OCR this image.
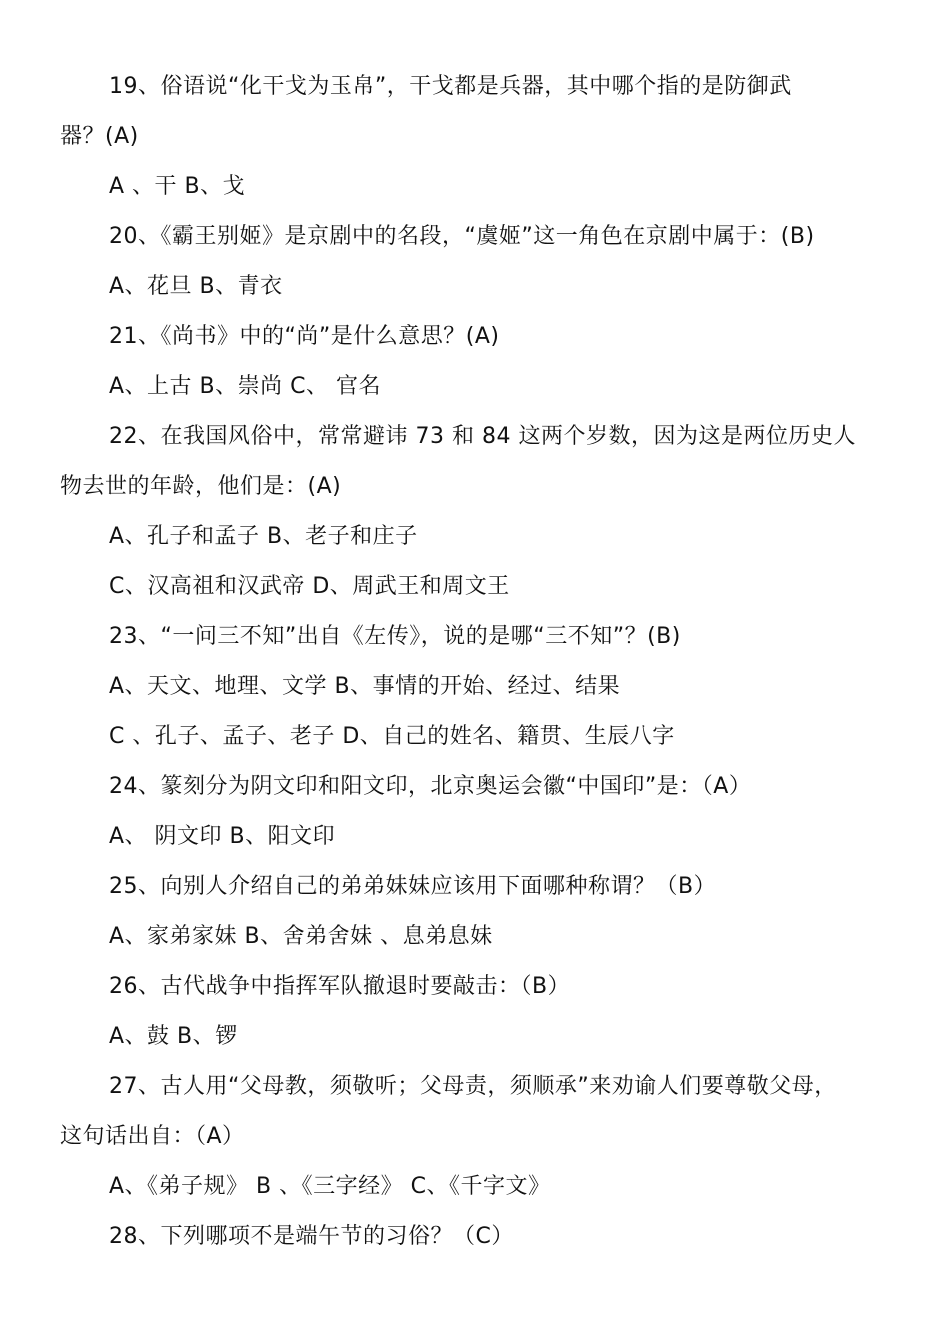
19、俗语说“化干戈为玉帛”，干戈都是兵器，其中哪个指的是防御武
器？(A)
A 、干 B、戈
20、《霸王别姬》是京剧中的名段，“虞姬”这一角色在京剧中属于：(B)
A、花旦 B、青衣
21、《尚书》中的“尚”是什么意思？(A)
A、上古 B、崇尚 C、 官名
22、在我国风俗中，常常避讳 73 和 84 这两个岁数，因为这是两位历史人
物去世的年龄，他们是：(A)
A、孔子和孟子 B、老子和庄子
C、汉高祖和汉武帝 D、周武王和周文王
23、“一问三不知”出自《左传》，说的是哪“三不知”？(B)
A、天文、地理、文学 B、事情的开始、经过、结果
C 、孔子、孟子、老子 D、自己的姓名、籍贯、生辰八字
24、篆刻分为阴文印和阳文印，北京奥运会徽“中国印”是：（A）
A、 阴文印 B、阳文印
25、向别人介绍自己的弟弟妹妹应该用下面哪种称谓？（B）
A、家弟家妹 B、舍弟舍妹 、息弟息妹
26、古代战争中指挥军队撤退时要敲击：（B）
A、鼓 B、锣
27、古人用“父母教，须敬听；父母责，须顺承”来劝谕人们要尊敬父母，
这句话出自：（A）
A、《弟子规》 B 、《三字经》 C、《千字文》
28、下列哪项不是端午节的习俗？（C）
